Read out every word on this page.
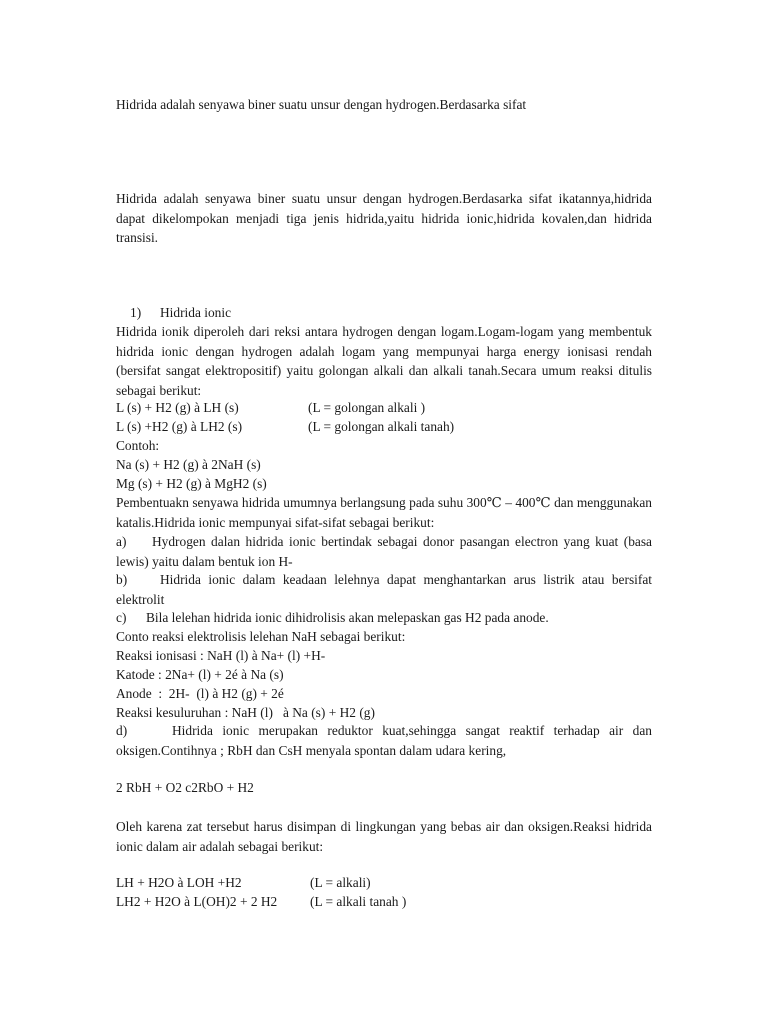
Hidrida adalah senyawa biner suatu unsur dengan hydrogen.Berdasarka sifat
Hidrida adalah senyawa biner suatu unsur dengan hydrogen.Berdasarka sifat ikatannya,hidrida dapat dikelompokan menjadi tiga jenis hidrida,yaitu hidrida ionic,hidrida kovalen,dan hidrida transisi.
1) Hidrida ionic
Hidrida ionik diperoleh dari reksi antara hydrogen dengan logam.Logam-logam yang membentuk hidrida ionic dengan hydrogen adalah logam yang mempunyai harga energy ionisasi rendah (bersifat sangat elektropositif) yaitu golongan alkali dan alkali tanah.Secara umum reaksi ditulis sebagai berikut:
L (s) + H2 (g) à LH (s)	(L = golongan alkali )
L (s) +H2 (g) à LH2 (s)	(L = golongan alkali tanah)
Contoh:
Na (s) + H2 (g) à 2NaH (s)
Mg (s) + H2 (g) à MgH2 (s)
Pembentuakn senyawa hidrida umumnya berlangsung pada suhu 300℃ – 400℃ dan menggunakan katalis.Hidrida ionic mempunyai sifat-sifat sebagai berikut:
a)	Hydrogen dalan hidrida ionic bertindak sebagai donor pasangan electron yang kuat (basa lewis) yaitu dalam bentuk ion H-
b)	Hidrida ionic dalam keadaan lelehnya dapat menghantarkan arus listrik atau bersifat elektrolit
c) Bila lelehan hidrida ionic dihidrolisis akan melepaskan gas H2 pada anode.
Conto reaksi elektrolisis lelehan NaH sebagai berikut:
Reaksi ionisasi : NaH (l) à Na+ (l) +H-
Katode : 2Na+ (l) + 2é à Na (s)
Anode  :  2H-  (l) à H2 (g) + 2é
Reaksi kesuluruhan : NaH (l)   à Na (s) + H2 (g)
d)	Hidrida ionic merupakan reduktor kuat,sehingga sangat reaktif terhadap air dan oksigen.Contihnya ; RbH dan CsH menyala spontan dalam udara kering,
2 RbH + O2 c2RbO + H2
Oleh karena zat tersebut harus disimpan di lingkungan yang bebas air dan oksigen.Reaksi hidrida ionic dalam air adalah sebagai berikut:
LH + H2O à LOH +H2	(L = alkali)
LH2 + H2O à L(OH)2 + 2 H2 (L = alkali tanah )
